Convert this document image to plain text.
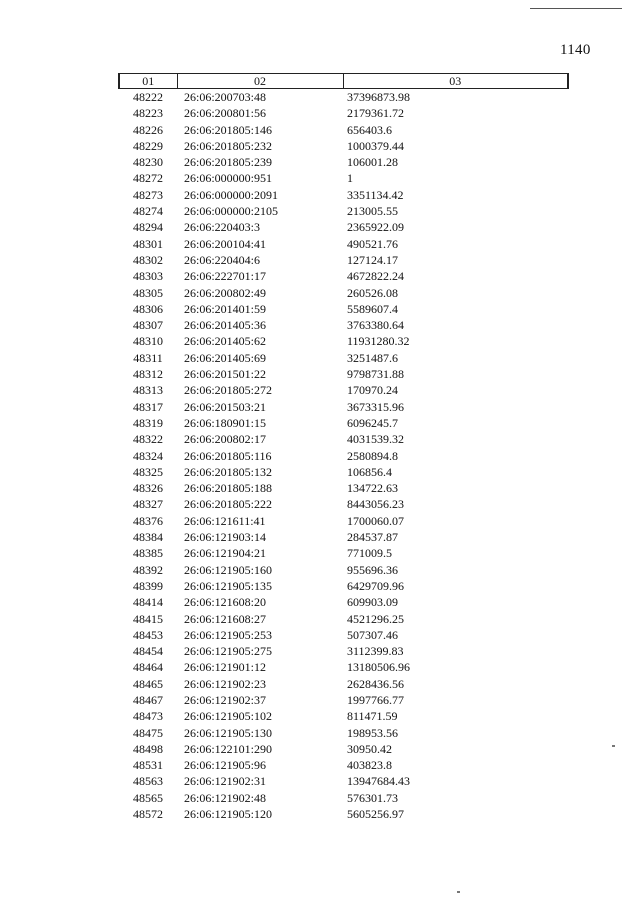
1140
01	02	03
48222	26:06:200703:48	37396873.98
48223	26:06:200801:56	2179361.72
48226	26:06:201805:146	656403.6
48229	26:06:201805:232	1000379.44
48230	26:06:201805:239	106001.28
48272	26:06:000000:951	1
48273	26:06:000000:2091	3351134.42
48274	26:06:000000:2105	213005.55
48294	26:06:220403:3	2365922.09
48301	26:06:200104:41	490521.76
48302	26:06:220404:6	127124.17
48303	26:06:222701:17	4672822.24
48305	26:06:200802:49	260526.08
48306	26:06:201401:59	5589607.4
48307	26:06:201405:36	3763380.64
48310	26:06:201405:62	11931280.32
48311	26:06:201405:69	3251487.6
48312	26:06:201501:22	9798731.88
48313	26:06:201805:272	170970.24
48317	26:06:201503:21	3673315.96
48319	26:06:180901:15	6096245.7
48322	26:06:200802:17	4031539.32
48324	26:06:201805:116	2580894.8
48325	26:06:201805:132	106856.4
48326	26:06:201805:188	134722.63
48327	26:06:201805:222	8443056.23
48376	26:06:121611:41	1700060.07
48384	26:06:121903:14	284537.87
48385	26:06:121904:21	771009.5
48392	26:06:121905:160	955696.36
48399	26:06:121905:135	6429709.96
48414	26:06:121608:20	609903.09
48415	26:06:121608:27	4521296.25
48453	26:06:121905:253	507307.46
48454	26:06:121905:275	3112399.83
48464	26:06:121901:12	13180506.96
48465	26:06:121902:23	2628436.56
48467	26:06:121902:37	1997766.77
48473	26:06:121905:102	811471.59
48475	26:06:121905:130	198953.56
48498	26:06:122101:290	30950.42
48531	26:06:121905:96	403823.8
48563	26:06:121902:31	13947684.43
48565	26:06:121902:48	576301.73
48572	26:06:121905:120	5605256.97
